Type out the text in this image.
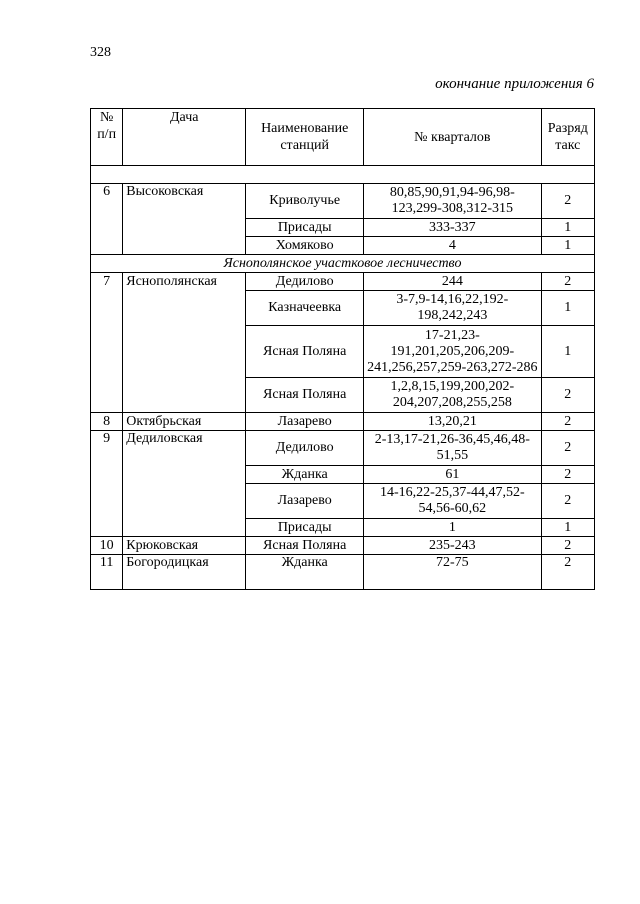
328
окончание приложения 6
№ п/п	Дача	Наименование станций	№ кварталов	Разряд такс

6	Высоковская	Криволучье	80,85,90,91,94-96,98-123,299-308,312-315	2
		Присады	333-337	1
		Хомяково	4	1
Яснополянское участковое лесничество				
7	Яснополянская	Дедилово	244	2
		Казначеевка	3-7,9-14,16,22,192-198,242,243	1
		Ясная Поляна	17-21,23-191,201,205,206,209-241,256,257,259-263,272-286	1
		Ясная Поляна	1,2,8,15,199,200,202-204,207,208,255,258	2
8	Октябрьская	Лазарево	13,20,21	2
9	Дедиловская	Дедилово	2-13,17-21,26-36,45,46,48-51,55	2
		Жданка	61	2
		Лазарево	14-16,22-25,37-44,47,52-54,56-60,62	2
		Присады	1	1
10	Крюковская	Ясная Поляна	235-243	2
11	Богородицкая	Жданка	72-75	2
